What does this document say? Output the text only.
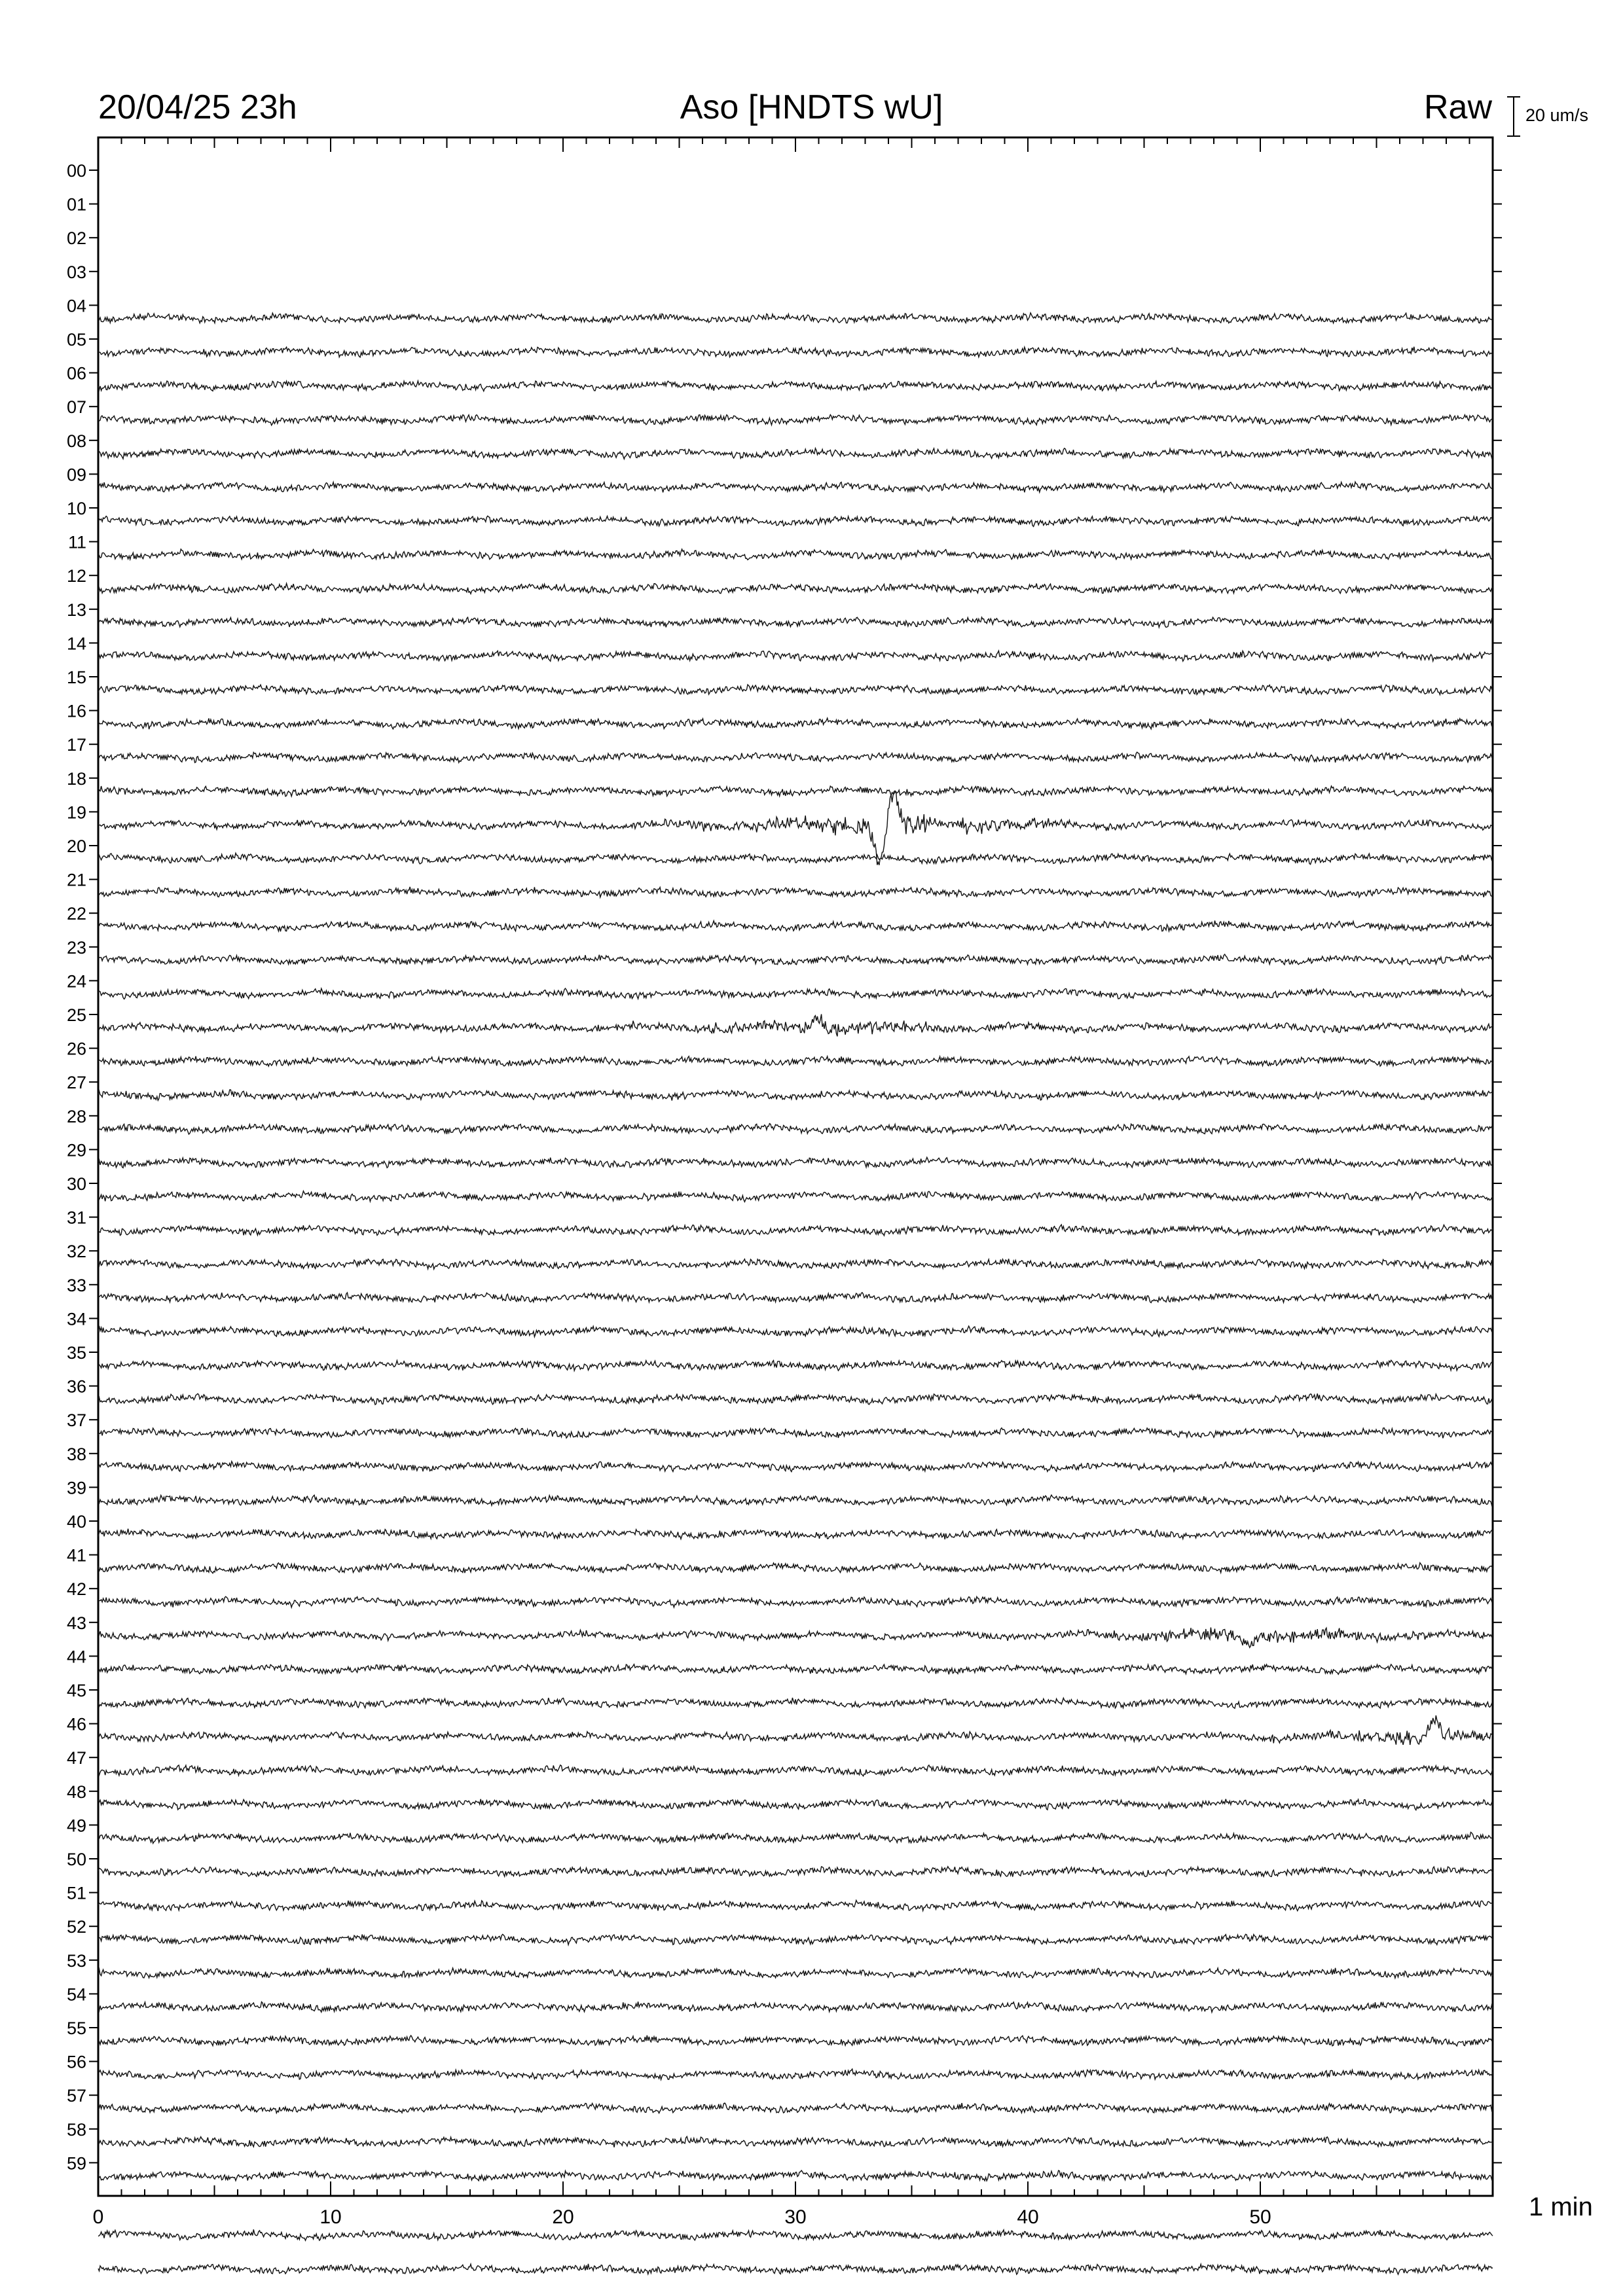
20/04/25 23h	Aso [HNDTS wU]	Raw 20 um/s
1 min
0	10	20	30	40	50
00
01
02
03
04
05
06
07
08
09
10
11
12
13
14
15
16
17
18
19
20
21
22
23
24
25
26
27
28
29
30
31
32
33
34
35
36
37
38
39
40
41
42
43
44
45
46
47
48
49
50
51
52
53
54
55
56
57
58
59
